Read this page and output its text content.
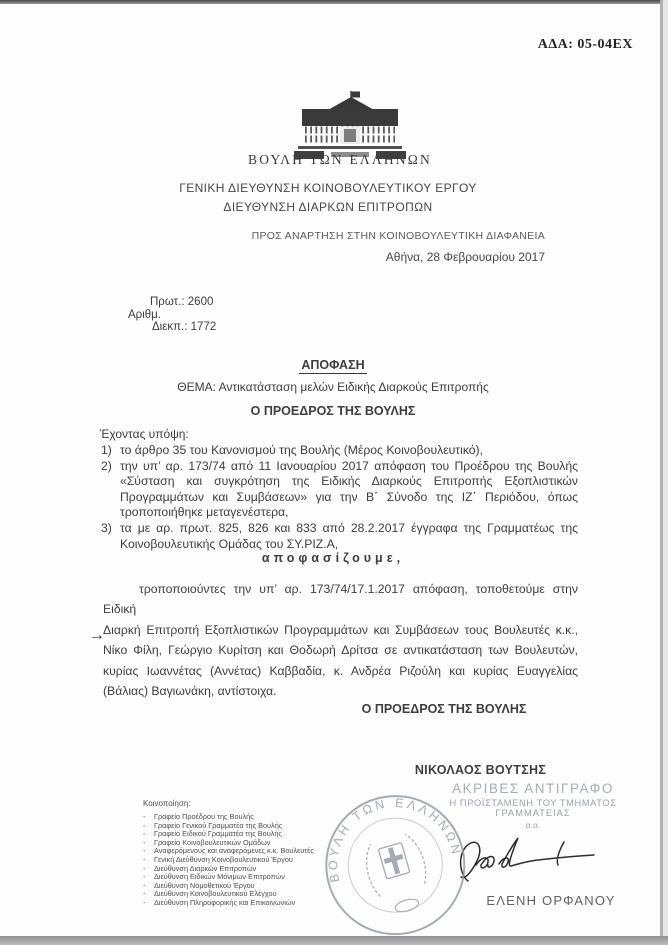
ΑΔΑ: 05-04ΕΧ
ΒΟΥΛΗ ΤΩΝ ΕΛΛΗΝΩΝ
ΓΕΝΙΚΗ ΔΙΕΥΘΥΝΣΗ ΚΟΙΝΟΒΟΥΛΕΥΤΙΚΟΥ ΕΡΓΟΥ
ΔΙΕΥΘΥΝΣΗ ΔΙΑΡΚΩΝ ΕΠΙΤΡΟΠΩΝ
ΠΡΟΣ ΑΝΑΡΤΗΣΗ ΣΤΗΝ ΚΟΙΝΟΒΟΥΛΕΥΤΙΚΗ ΔΙΑΦΑΝΕΙΑ
Αθήνα, 28 Φεβρουαρίου 2017
Πρωτ.: 2600
Αριθμ.
Διεκπ.: 1772
ΑΠΟΦΑΣΗ
ΘΕΜΑ: Αντικατάσταση μελών Ειδικής Διαρκούς Επιτροπής
Ο ΠΡΟΕΔΡΟΣ ΤΗΣ ΒΟΥΛΗΣ
Έχοντας υπόψη:
1) το άρθρο 35 του Κανονισμού της Βουλής (Μέρος Κοινοβουλευτικό),
2) την υπ’ αρ. 173/74 από 11 Ιανουαρίου 2017 απόφαση του Προέδρου της Βουλής
«Σύσταση και συγκρότηση της Ειδικής Διαρκούς Επιτροπής Εξοπλιστικών
Προγραμμάτων και Συμβάσεων» για την Β΄ Σύνοδο της ΙΖ΄ Περιόδου, όπως
τροποποιήθηκε μεταγενέστερα,
3) τα με αρ. πρωτ. 825, 826 και 833 από 28.2.2017 έγγραφα της Γραμματέως της
Κοινοβουλευτικής Ομάδας του ΣΥ.ΡΙΖ.Α,
αποφασίζουμε,
τροποποιούντες την υπ’ αρ. 173/74/17.1.2017 απόφαση, τοποθετούμε στην Ειδική
Διαρκή Επιτροπή Εξοπλιστικών Προγραμμάτων και Συμβάσεων τους Βουλευτές κ.κ.,
Νίκο Φίλη, Γεώργιο Κυρίτση και Θοδωρή Δρίτσα σε αντικατάσταση των Βουλευτών,
κυρίας Ιωαννέτας (Αννέτας) Καββαδία, κ. Ανδρέα Ριζούλη και κυρίας Ευαγγελίας
(Βάλιας) Βαγιωνάκη, αντίστοιχα.
→
Ο ΠΡΟΕΔΡΟΣ ΤΗΣ ΒΟΥΛΗΣ
ΝΙΚΟΛΑΟΣ ΒΟΥΤΣΗΣ
ΑΚΡΙΒΕΣ ΑΝΤΙΓΡΑΦΟ
Η ΠΡΟΪΣΤΑΜΕΝΗ ΤΟΥ ΤΜΗΜΑΤΟΣ
ΓΡΑΜΜΑΤΕΙΑΣ
α.α.
ΕΛΕΝΗ ΟΡΦΑΝΟΥ
ΒΟΥΛΗ ΤΩΝ ΕΛΛΗΝΩΝ
Κοινοποίηση:
- Γραφείο Προέδρου της Βουλής
- Γραφείο Γενικού Γραμματέα της Βουλής
- Γραφείο Ειδικού Γραμματέα της Βουλής
- Γραφεία Κοινοβουλευτικών Ομάδων
- Αναφερόμενους και αναφερόμενες κ.κ. Βουλευτές
- Γενική Διεύθυνση Κοινοβουλευτικού Έργου
- Διεύθυνση Διαρκών Επιτροπών
- Διεύθυνση Ειδικών Μόνιμων Επιτροπών
- Διεύθυνση Νομοθετικού Έργου
- Διεύθυνση Κοινοβουλευτικού Ελέγχου
- Διεύθυνση Πληροφορικής και Επικοινωνιών
